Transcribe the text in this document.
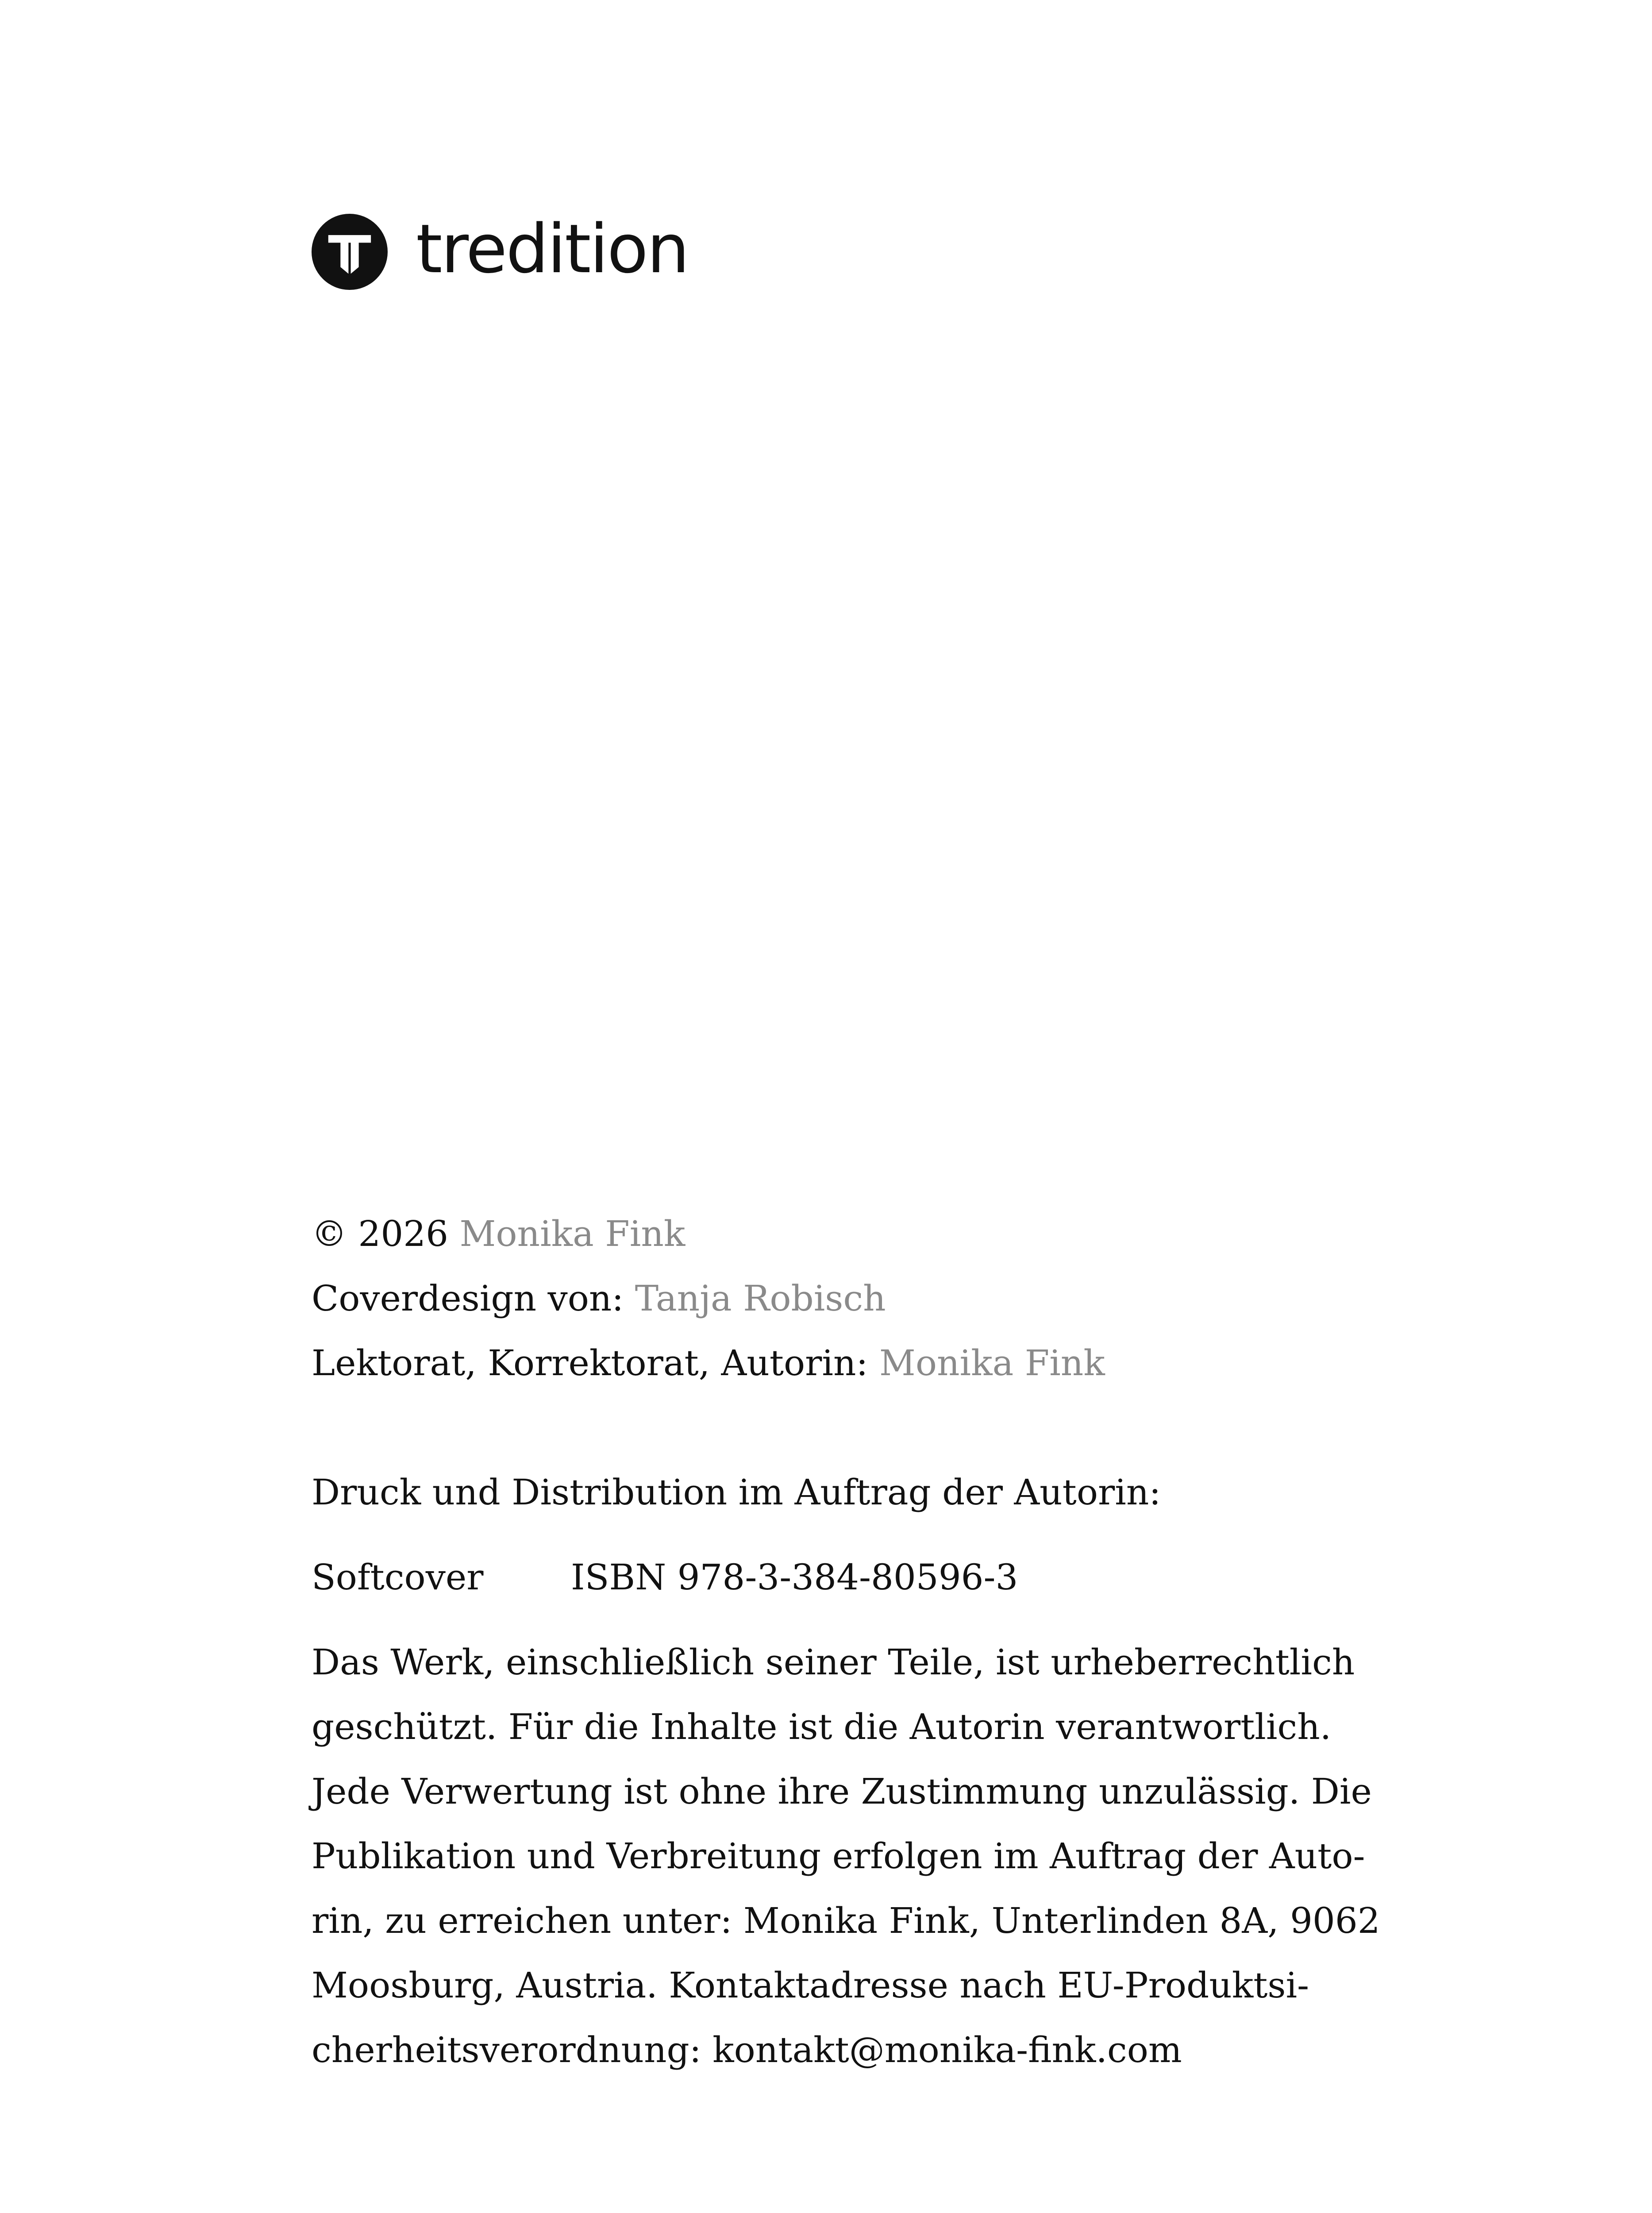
tredition
© 2026 Monika Fink
Coverdesign von: Tanja Robisch
Lektorat, Korrektorat, Autorin: Monika Fink
Druck und Distribution im Auftrag der Autorin:
Softcover ISBN 978-3-384-80596-3
Das Werk, einschließlich seiner Teile, ist urheberrechtlich
geschützt. Für die Inhalte ist die Autorin verantwortlich.
Jede Verwertung ist ohne ihre Zustimmung unzulässig. Die
Publikation und Verbreitung erfolgen im Auftrag der Auto-
rin, zu erreichen unter: Monika Fink, Unterlinden 8A, 9062
Moosburg, Austria. Kontaktadresse nach EU-Produktsi-
cherheitsverordnung: kontakt@monika-fink.com
